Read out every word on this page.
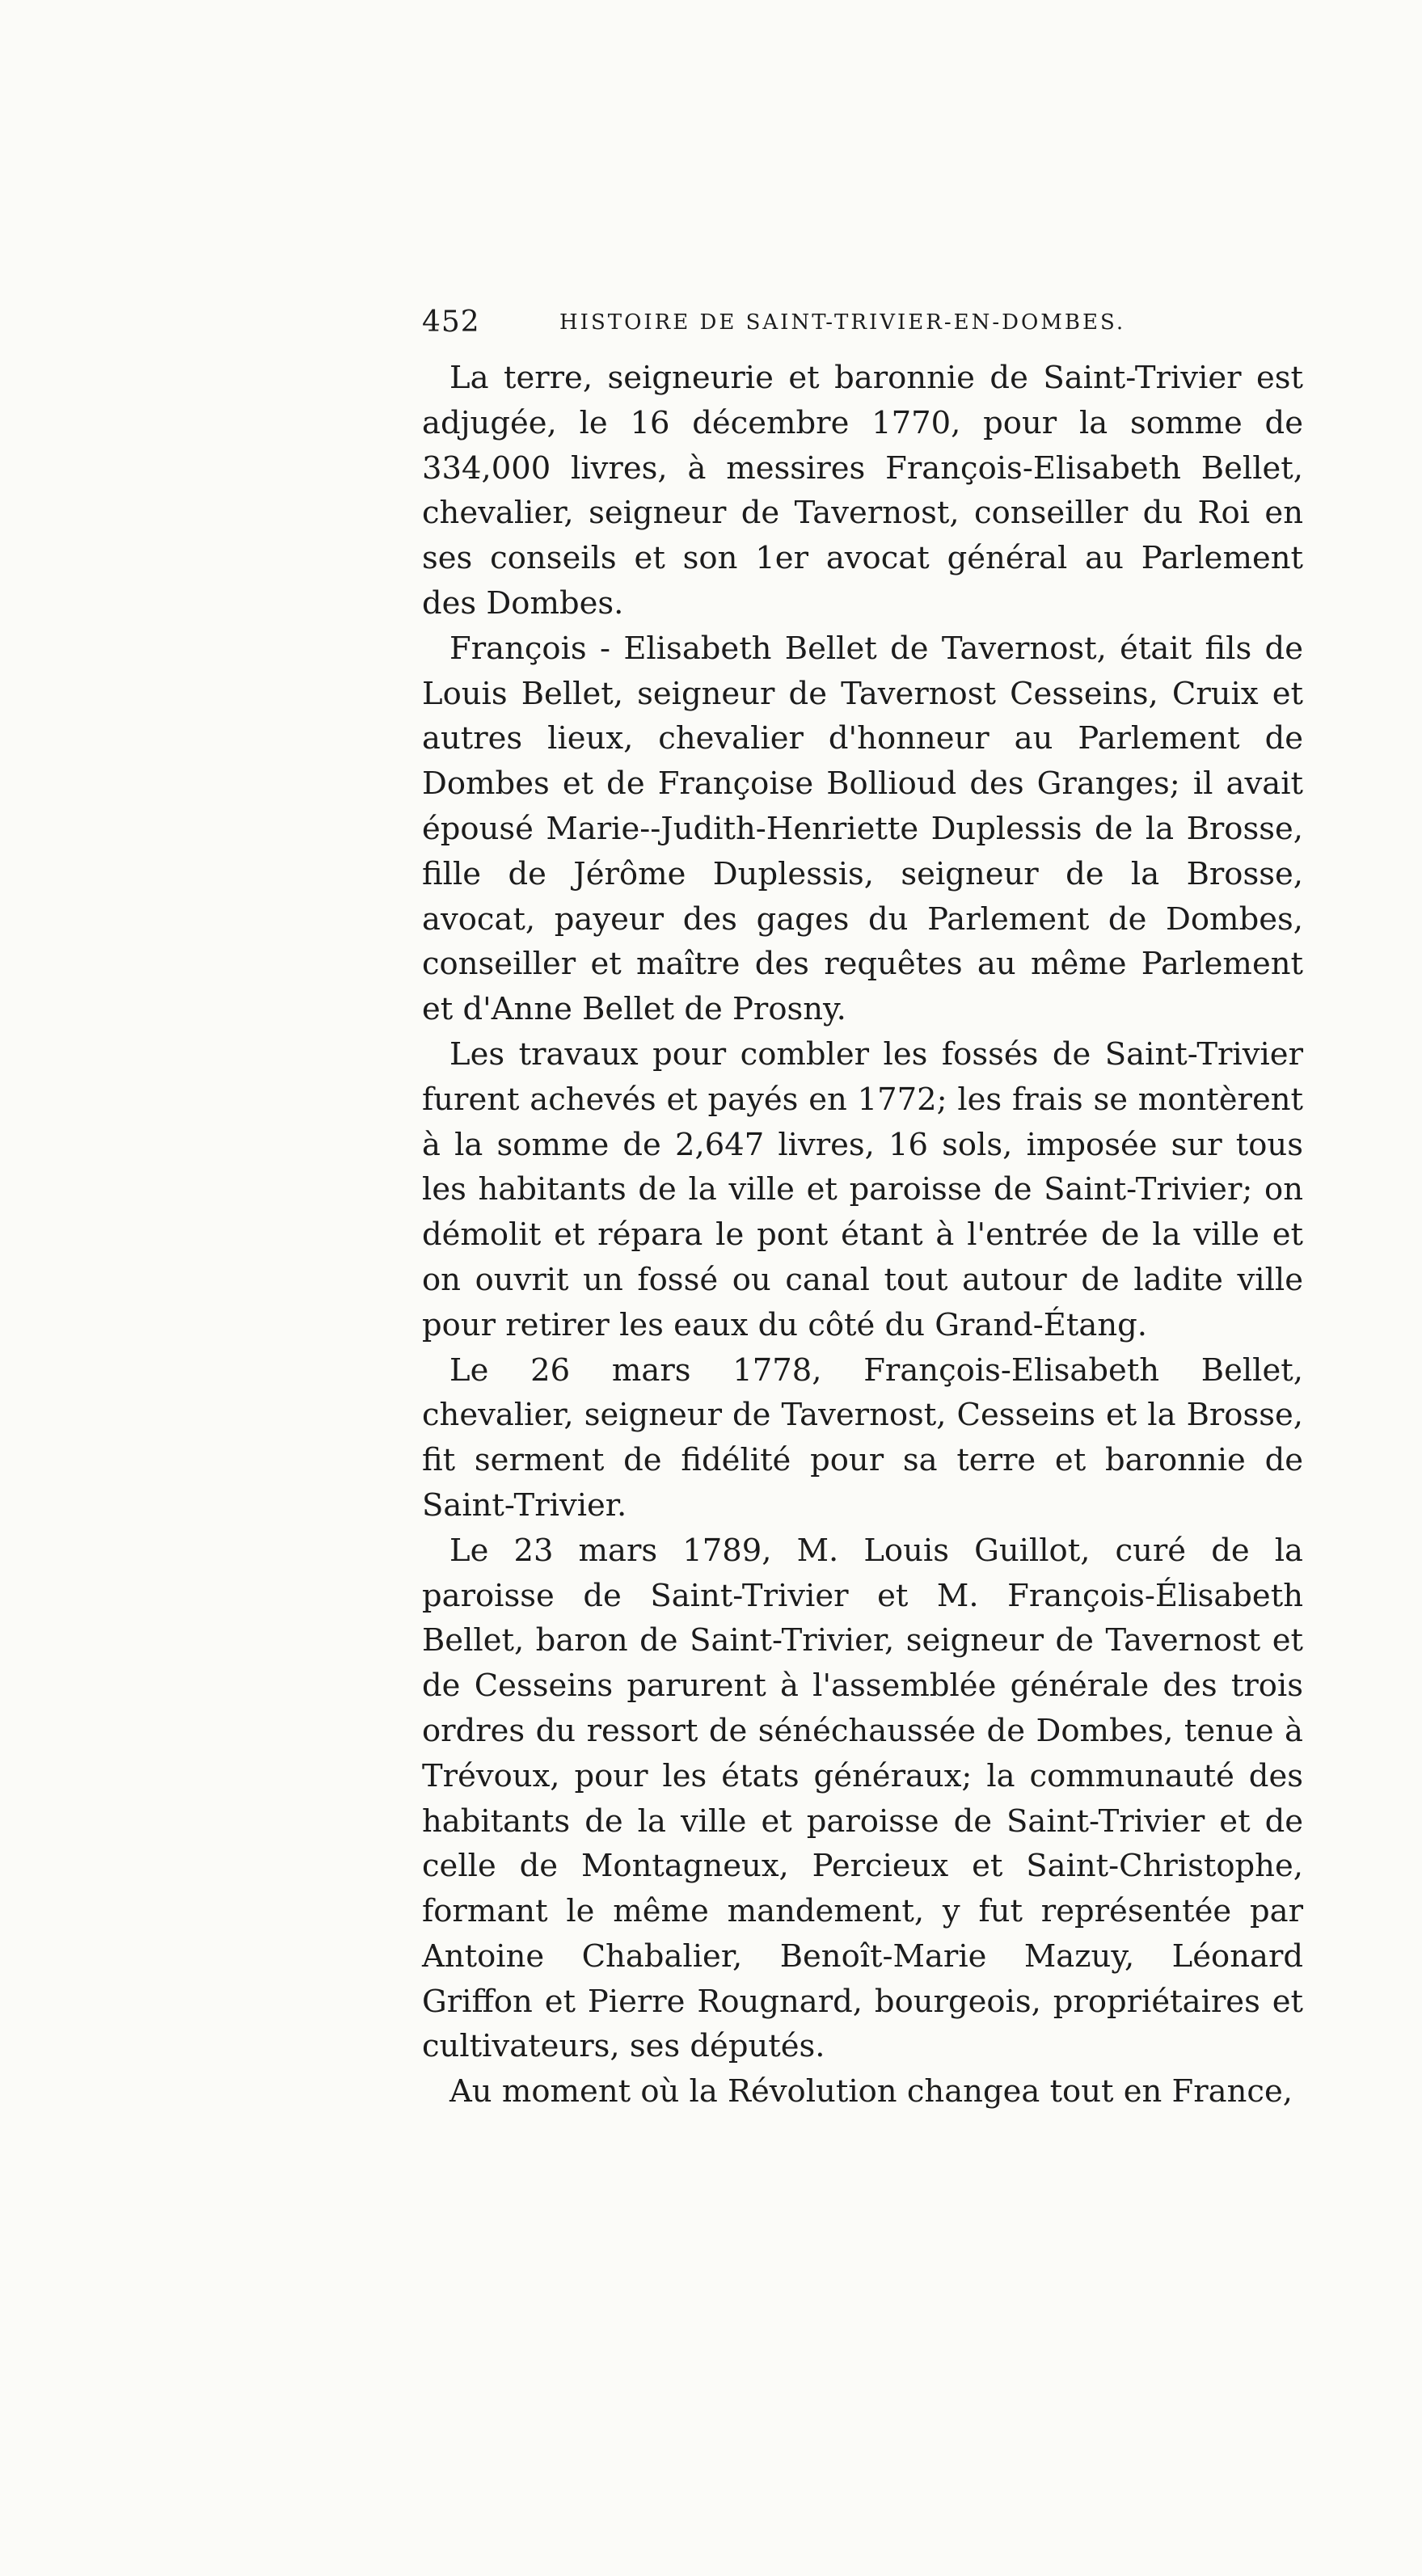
452	HISTOIRE DE SAINT-TRIVIER-EN-DOMBES.

La terre, seigneurie et baronnie de Saint-Trivier est adjugée, le 16 décembre 1770, pour la somme de 334,000 livres, à messires François-Elisabeth Bellet, chevalier, seigneur de Tavernost, conseiller du Roi en ses conseils et son 1er avocat général au Parlement des Dombes.

François - Elisabeth Bellet de Tavernost, était fils de Louis Bellet, seigneur de Tavernost Cesseins, Cruix et autres lieux, chevalier d'honneur au Parlement de Dombes et de Françoise Bollioud des Granges; il avait épousé Marie--Judith-Henriette Duplessis de la Brosse, fille de Jérôme Duplessis, seigneur de la Brosse, avocat, payeur des gages du Parlement de Dombes, conseiller et maître des requêtes au même Parlement et d'Anne Bellet de Prosny.

Les travaux pour combler les fossés de Saint-Trivier furent achevés et payés en 1772; les frais se montèrent à la somme de 2,647 livres, 16 sols, imposée sur tous les habitants de la ville et paroisse de Saint-Trivier; on démolit et répara le pont étant à l'entrée de la ville et on ouvrit un fossé ou canal tout autour de ladite ville pour retirer les eaux du côté du Grand-Étang.

Le 26 mars 1778, François-Elisabeth Bellet, chevalier, seigneur de Tavernost, Cesseins et la Brosse, fit serment de fidélité pour sa terre et baronnie de Saint-Trivier.

Le 23 mars 1789, M. Louis Guillot, curé de la paroisse de Saint-Trivier et M. François-Élisabeth Bellet, baron de Saint-Trivier, seigneur de Tavernost et de Cesseins parurent à l'assemblée générale des trois ordres du ressort de sénéchaussée de Dombes, tenue à Trévoux, pour les états généraux; la communauté des habitants de la ville et paroisse de Saint-Trivier et de celle de Montagneux, Percieux et Saint-Christophe, formant le même mandement, y fut représentée par Antoine Chabalier, Benoît-Marie Mazuy, Léonard Griffon et Pierre Rougnard, bourgeois, propriétaires et cultivateurs, ses députés.

Au moment où la Révolution changea tout en France,
